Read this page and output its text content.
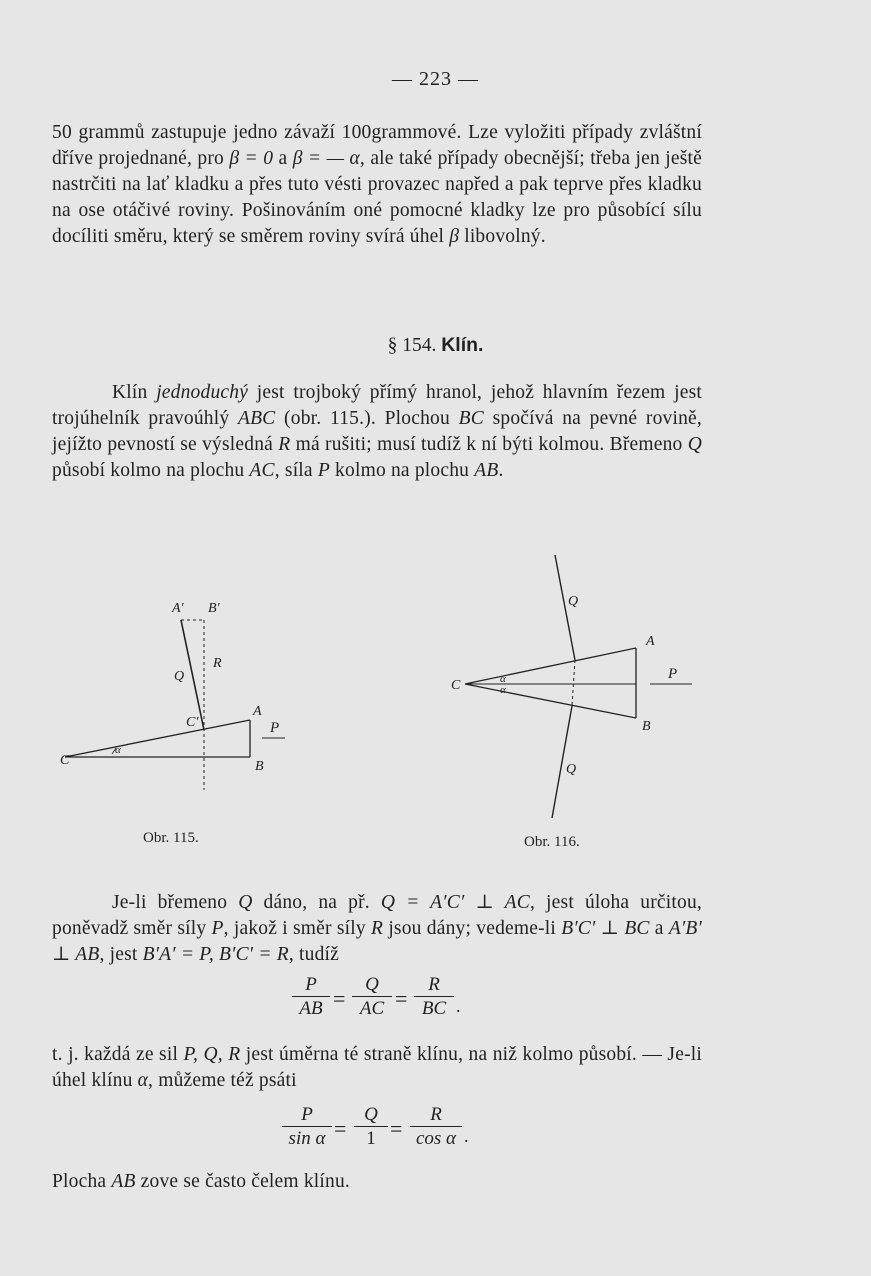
— 223 —

50 grammů zastupuje jedno závaží 100grammové. Lze vyložiti případy zvláštní dříve projednané, pro β = 0 a β = — α, ale také případy obecnější; třeba jen ještě nastrčiti na lať kladku a přes tuto vésti provazec napřed a pak teprve přes kladku na ose otáčivé roviny. Pošinováním oné pomocné kladky lze pro působící sílu docíliti směru, který se směrem roviny svírá úhel β libovolný.

§ 154. Klín.

Klín jednoduchý jest trojboký přímý hranol, jehož hlavním řezem jest trojúhelník pravoúhlý ABC (obr. 115.). Plochou BC spočívá na pevné rovině, jejížto pevností se výsledná R má rušiti; musí tudíž k ní býti kolmou. Břemeno Q působí kolmo na plochu AC, síla P kolmo na plochu AB.

A′ B′
Q
R
C′
A
P
C	B
α
Q
A
P
C	α
α
B
Q
Obr. 115.	Obr. 116.

Je-li břemeno Q dáno, na př. Q = A′C′ ⊥ AC, jest úloha určitou, poněvadž směr síly P, jakož i směr síly R jsou dány; vedeme-li B′C′ ⊥ BC a A′B′ ⊥ AB, jest B′A′ = P, B′C′ = R, tudíž

$\frac{P}{AB} = \frac{Q}{AC} = \frac{R}{BC}$ .

t. j. každá ze sil P, Q, R jest úměrna té straně klínu, na niž kolmo působí. — Je-li úhel klínu α, můžeme též psáti

$\frac{P}{\text{sin α}} = \frac{Q}{1} = \frac{R}{\text{cos α}}$ .

Plocha AB zove se často čelem klínu.
